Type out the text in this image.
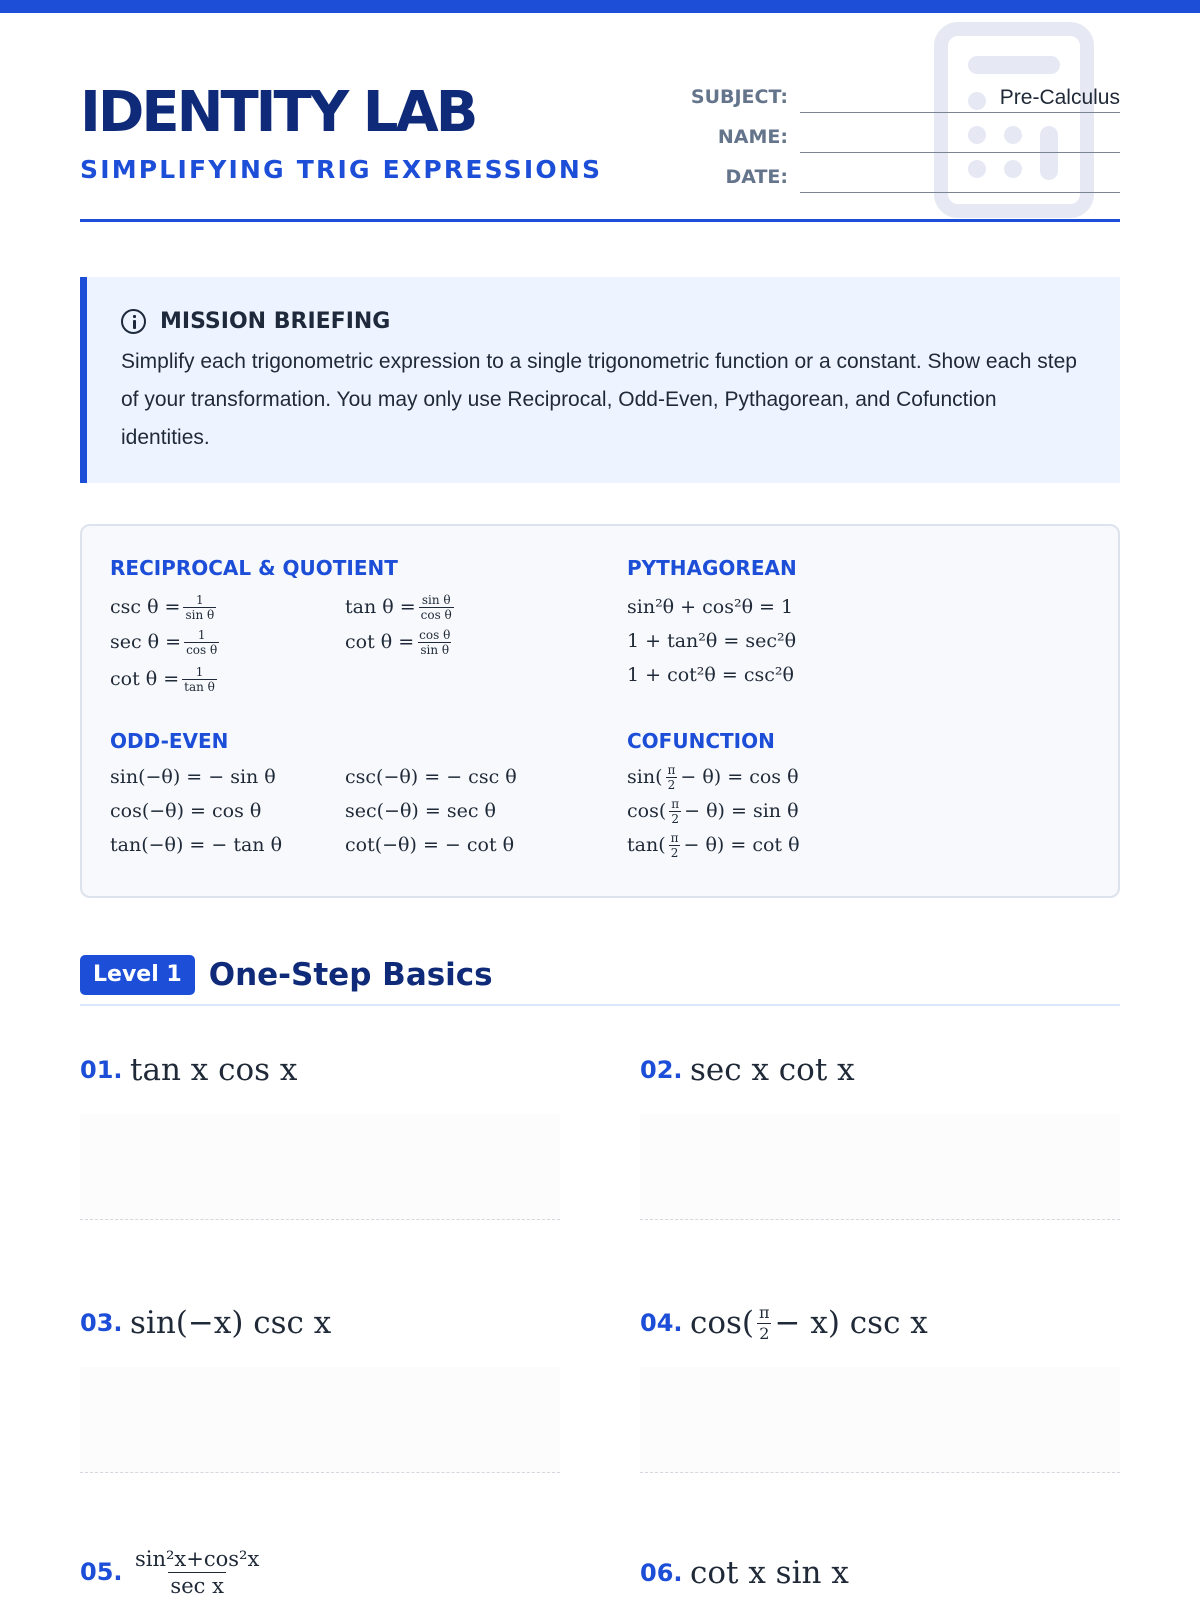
IDENTITY LAB
SIMPLIFYING TRIG EXPRESSIONS
SUBJECT:	Pre-Calculus
NAME:
DATE:
MISSION BRIEFING

Simplify each trigonometric expression to a single trigonometric function or a constant. Show each step of your transformation. You may only use Reciprocal, Odd-Even, Pythagorean, and Cofunction identities.

RECIPROCAL & QUOTIENT	PYTHAGOREAN
$\csc \theta = \frac{1}{\text{sin θ}}$
$\sec \theta = \frac{1}{\text{cos θ}}$
$\cot \theta = \frac{1}{\text{tan θ}}$
$\tan \theta = \frac{\text{sin θ}}{\text{cos θ}}$
$\cot \theta = \frac{\text{cos θ}}{\text{sin θ}}$
sin²θ + cos²θ = 1
1 + tan²θ = sec²θ
1 + cot²θ = csc²θ
ODD-EVEN	COFUNCTION
sin(−θ) = − sin θ
cos(−θ) = cos θ
tan(−θ) = − tan θ
csc(−θ) = − csc θ
sec(−θ) = sec θ
cot(−θ) = − cot θ
sin ( $\frac{\pi}{2} - \theta) = \cos \theta$
cos ( $\frac{\pi}{2} - \theta) = \sin \theta$
tan ( $\frac{\pi}{2} - \theta) = \cot \theta$
Level 1 One-Step Basics
01. tan x cos x	02. sec x cot x
03. sin(−x) csc x	04. $\cos( \frac{\pi}{2} - x)$ csc x
05. $\frac{\text{sin²x+cos²x}}{\text{sec x}}$	06. cot x sin x
